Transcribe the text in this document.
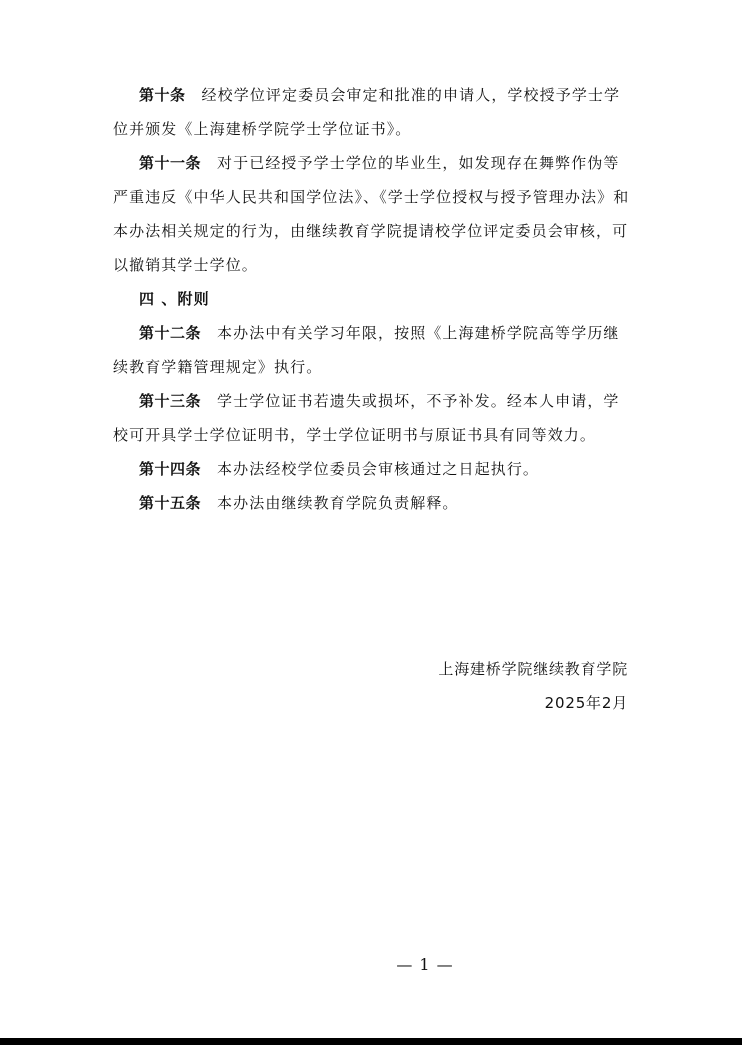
第十条 经校学位评定委员会审定和批准的申请人，学校授予学士学位并颁发《上海建桥学院学士学位证书》。

第十一条 对于已经授予学士学位的毕业生，如发现存在舞弊作伪等严重违反《中华人民共和国学位法》、《学士学位授权与授予管理办法》和本办法相关规定的行为，由继续教育学院提请校学位评定委员会审核，可以撤销其学士学位。

四 、附则

第十二条 本办法中有关学习年限，按照《上海建桥学院高等学历继续教育学籍管理规定》执行。

第十三条 学士学位证书若遗失或损坏，不予补发。经本人申请，学校可开具学士学位证明书，学士学位证明书与原证书具有同等效力。

第十四条 本办法经校学位委员会审核通过之日起执行。

第十五条 本办法由继续教育学院负责解释。

上海建桥学院继续教育学院
2025年2月
— 1 —
